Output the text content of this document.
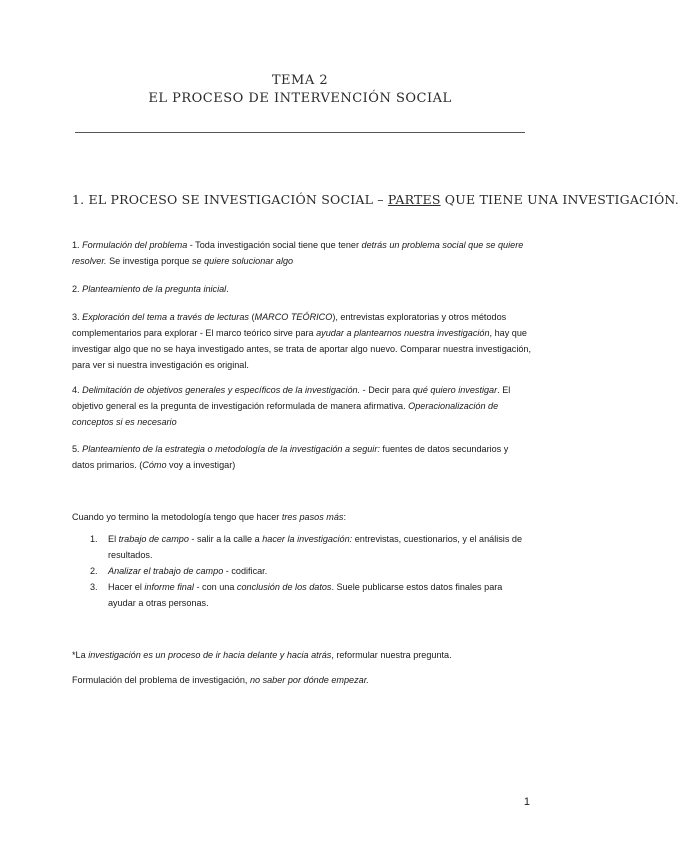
TEMA 2
EL PROCESO DE INTERVENCIÓN SOCIAL
1. EL PROCESO SE INVESTIGACIÓN SOCIAL – PARTES QUE TIENE UNA INVESTIGACIÓN.
1. Formulación del problema - Toda investigación social tiene que tener detrás un problema social que se quiere resolver. Se investiga porque se quiere solucionar algo
2. Planteamiento de la pregunta inicial.
3. Exploración del tema a través de lecturas (MARCO TEÓRICO), entrevistas exploratorias y otros métodos complementarios para explorar - El marco teórico sirve para ayudar a plantearnos nuestra investigación, hay que investigar algo que no se haya investigado antes, se trata de aportar algo nuevo. Comparar nuestra investigación, para ver si nuestra investigación es original.
4. Delimitación de objetivos generales y específicos de la investigación. - Decir para qué quiero investigar. El objetivo general es la pregunta de investigación reformulada de manera afirmativa. Operacionalización de conceptos si es necesario
5. Planteamiento de la estrategia o metodología de la investigación a seguir: fuentes de datos secundarios y datos primarios. (Cómo voy a investigar)
Cuando yo termino la metodología tengo que hacer tres pasos más:
1. El trabajo de campo - salir a la calle a hacer la investigación: entrevistas, cuestionarios, y el análisis de resultados.
2. Analizar el trabajo de campo - codificar.
3. Hacer el informe final - con una conclusión de los datos. Suele publicarse estos datos finales para ayudar a otras personas.
*La investigación es un proceso de ir hacia delante y hacia atrás, reformular nuestra pregunta.
Formulación del problema de investigación, no saber por dónde empezar.
1
